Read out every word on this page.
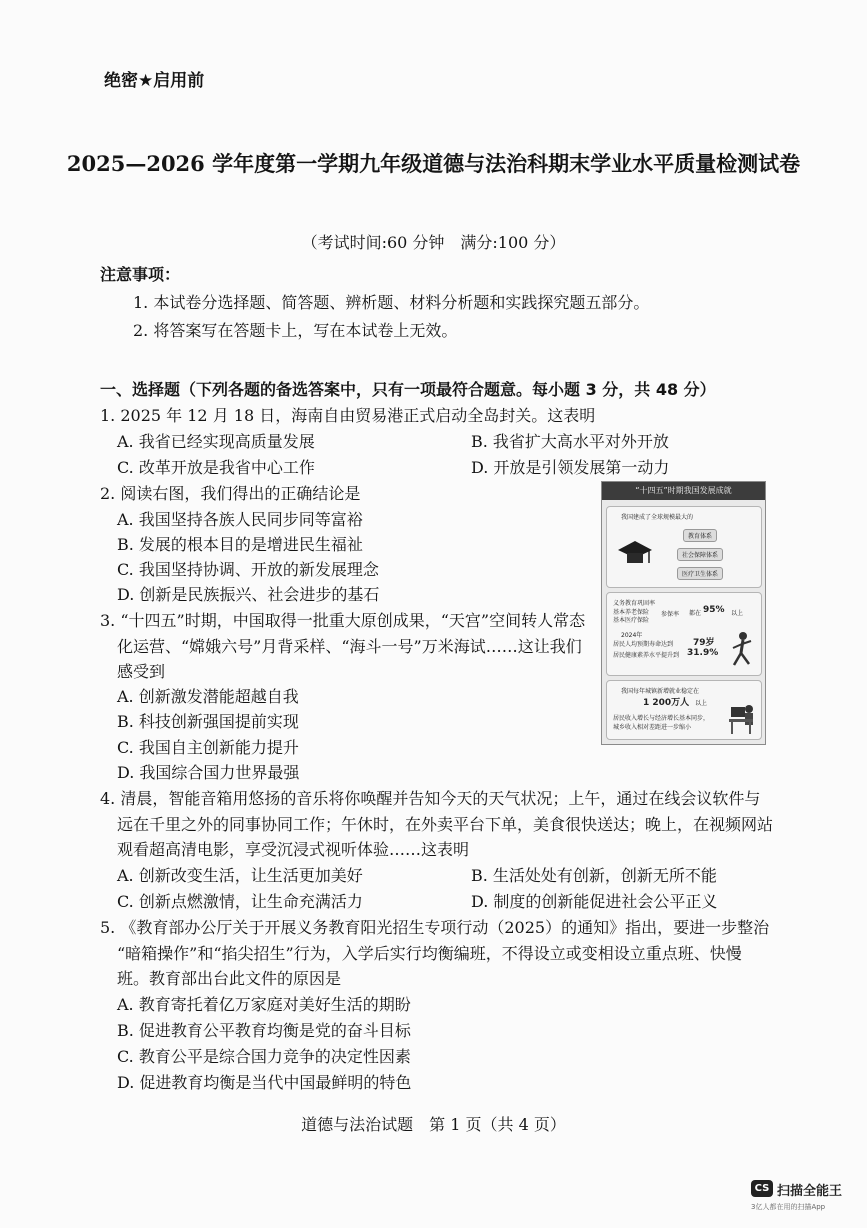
绝密★启用前
2025—2026 学年度第一学期九年级道德与法治科期末学业水平质量检测试卷
（考试时间:60 分钟　满分:100 分）
注意事项：
1. 本试卷分选择题、简答题、辨析题、材料分析题和实践探究题五部分。
2. 将答案写在答题卡上，写在本试卷上无效。
一、选择题（下列各题的备选答案中，只有一项最符合题意。每小题 3 分，共 48 分）
1. 2025 年 12 月 18 日，海南自由贸易港正式启动全岛封关。这表明
A. 我省已经实现高质量发展	B. 我省扩大高水平对外开放
C. 改革开放是我省中心工作	D. 开放是引领发展第一动力
2. 阅读右图，我们得出的正确结论是
A. 我国坚持各族人民同步同等富裕
B. 发展的根本目的是增进民生福祉
C. 我国坚持协调、开放的新发展理念
D. 创新是民族振兴、社会进步的基石
3. “十四五”时期，中国取得一批重大原创成果，“天宫”空间转人常态
化运营、“嫦娥六号”月背采样、“海斗一号”万米海试……这让我们
感受到
A. 创新激发潜能超越自我
B. 科技创新强国提前实现
C. 我国自主创新能力提升
D. 我国综合国力世界最强
4. 清晨，智能音箱用悠扬的音乐将你唤醒并告知今天的天气状况；上午，通过在线会议软件与
远在千里之外的同事协同工作；午休时，在外卖平台下单，美食很快送达；晚上，在视频网站
观看超高清电影，享受沉浸式视听体验……这表明
A. 创新改变生活，让生活更加美好	B. 生活处处有创新，创新无所不能
C. 创新点燃激情，让生命充满活力	D. 制度的创新能促进社会公平正义
5. 《教育部办公厅关于开展义务教育阳光招生专项行动（2025）的通知》指出，要进一步整治
“暗箱操作”和“掐尖招生”行为，入学后实行均衡编班，不得设立或变相设立重点班、快慢
班。教育部出台此文件的原因是
A. 教育寄托着亿万家庭对美好生活的期盼
B. 促进教育公平教育均衡是党的奋斗目标
C. 教育公平是综合国力竞争的决定性因素
D. 促进教育均衡是当代中国最鲜明的特色
“十四五”时期我国发展成就
我国建成了全球规模最大的
教育体系
社会保障体系
医疗卫生体系
义务教育巩固率
基本养老保险
基本医疗保险
参保率 都在 95% 以上
2024年
居民人均预期寿命达到 79岁
居民健康素养水平提升到 31.9%
我国每年城镇新增就业稳定在
1 200万人 以上
居民收入增长与经济增长基本同步，
城乡收入相对差距进一步缩小
道德与法治试题　第 1 页（共 4 页）
CS 扫描全能王
3亿人都在用的扫描App
